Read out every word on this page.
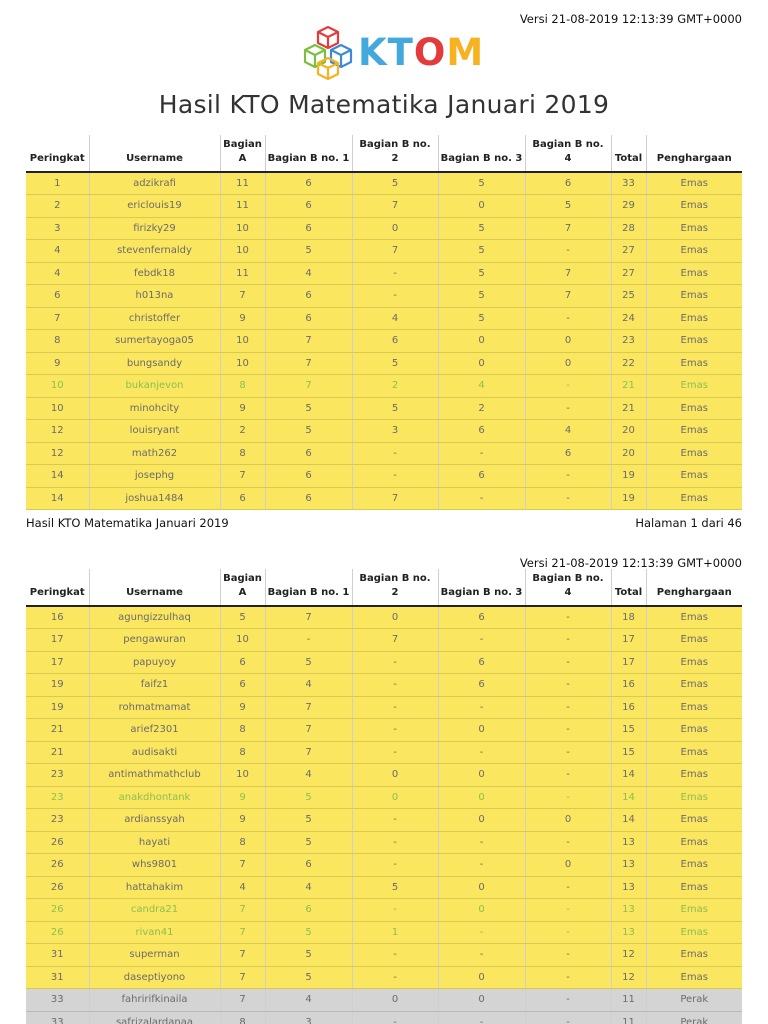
Versi 21-08-2019 12:13:39 GMT+0000
KTOM
Hasil KTO Matematika Januari 2019
Peringkat	Username	Bagian A	Bagian B no. 1	Bagian B no. 2	Bagian B no. 3	Bagian B no. 4	Total	Penghargaan
1	adzikrafi	11	6	5	5	6	33	Emas
2	ericlouis19	11	6	7	0	5	29	Emas
3	firizky29	10	6	0	5	7	28	Emas
4	stevenfernaldy	10	5	7	5	-	27	Emas
4	febdk18	11	4	-	5	7	27	Emas
6	h013na	7	6	-	5	7	25	Emas
7	christoffer	9	6	4	5	-	24	Emas
8	sumertayoga05	10	7	6	0	0	23	Emas
9	bungsandy	10	7	5	0	0	22	Emas
10	bukanjevon	8	7	2	4	-	21	Emas
10	minohcity	9	5	5	2	-	21	Emas
12	louisryant	2	5	3	6	4	20	Emas
12	math262	8	6	-	-	6	20	Emas
14	josephg	7	6	-	6	-	19	Emas
14	joshua1484	6	6	7	-	-	19	Emas
Hasil KTO Matematika Januari 2019	Halaman 1 dari 46
Versi 21-08-2019 12:13:39 GMT+0000
Peringkat	Username	Bagian A	Bagian B no. 1	Bagian B no. 2	Bagian B no. 3	Bagian B no. 4	Total	Penghargaan
16	agungizzulhaq	5	7	0	6	-	18	Emas
17	pengawuran	10	-	7	-	-	17	Emas
17	papuyoy	6	5	-	6	-	17	Emas
19	faifz1	6	4	-	6	-	16	Emas
19	rohmatmamat	9	7	-	-	-	16	Emas
21	arief2301	8	7	-	0	-	15	Emas
21	audisakti	8	7	-	-	-	15	Emas
23	antimathmathclub	10	4	0	0	-	14	Emas
23	anakdhontank	9	5	0	0	-	14	Emas
23	ardianssyah	9	5	-	0	0	14	Emas
26	hayati	8	5	-	-	-	13	Emas
26	whs9801	7	6	-	-	0	13	Emas
26	hattahakim	4	4	5	0	-	13	Emas
26	candra21	7	6	-	0	-	13	Emas
26	rivan41	7	5	1	-	-	13	Emas
31	superman	7	5	-	-	-	12	Emas
31	daseptiyono	7	5	-	0	-	12	Emas
33	fahririfkinaila	7	4	0	0	-	11	Perak
33	safrizalardanaa	8	3	-	-	-	11	Perak
